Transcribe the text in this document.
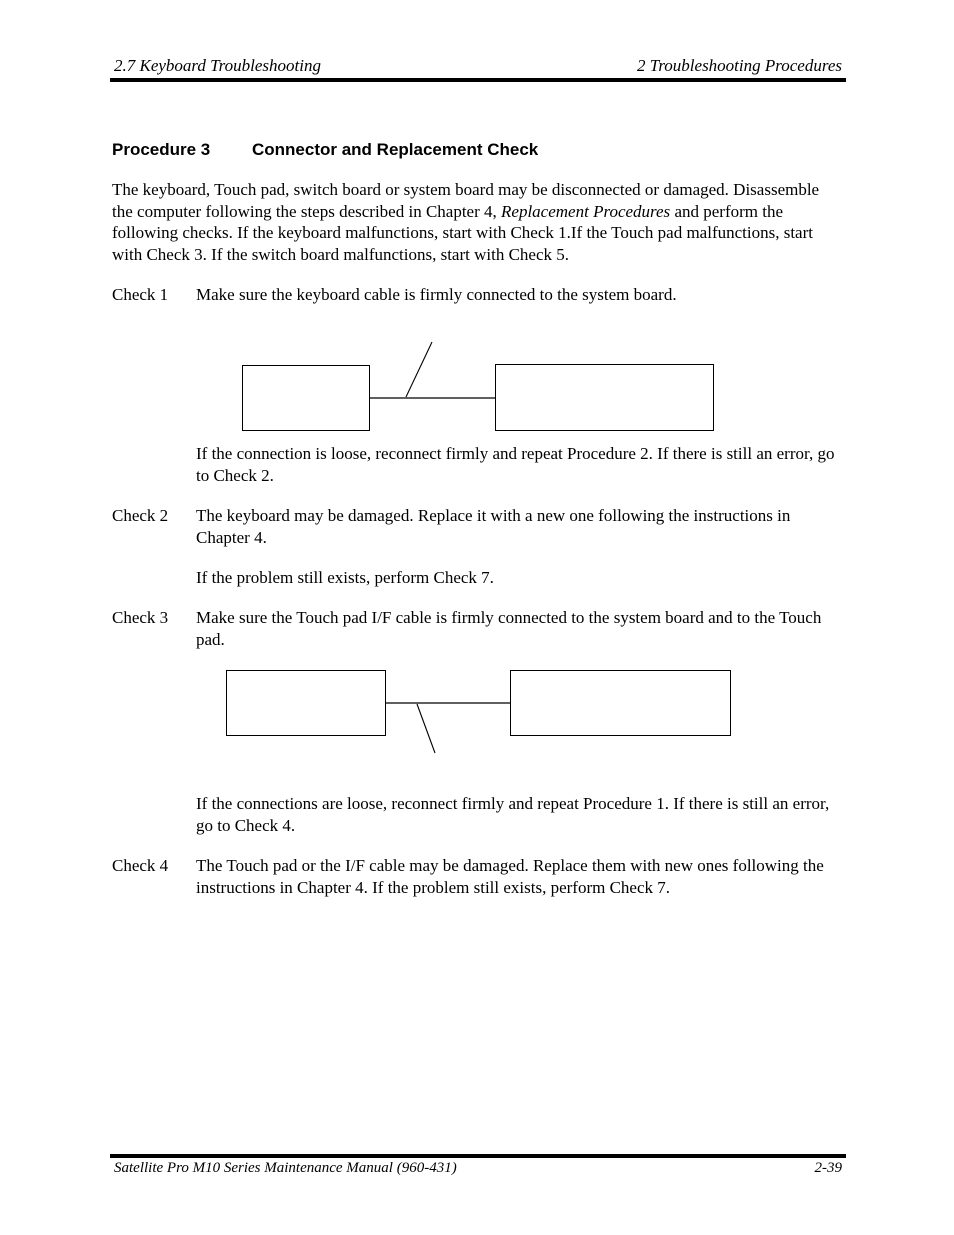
2.7 Keyboard Troubleshooting	2 Troubleshooting Procedures
Procedure 3 Connector and Replacement Check
The keyboard, Touch pad, switch board or system board may be disconnected or damaged. Disassemble the computer following the steps described in Chapter 4, Replacement Procedures and perform the following checks. If the keyboard malfunctions, start with Check 1.If the Touch pad malfunctions, start with Check 3. If the switch board malfunctions, start with Check 5.
Check 1 Make sure the keyboard cable is firmly connected to the system board.
If the connection is loose, reconnect firmly and repeat Procedure 2. If there is still an error, go to Check 2.
Check 2 The keyboard may be damaged. Replace it with a new one following the instructions in Chapter 4.
If the problem still exists, perform Check 7.
Check 3 Make sure the Touch pad I/F cable is firmly connected to the system board and to the Touch pad.
If the connections are loose, reconnect firmly and repeat Procedure 1. If there is still an error, go to Check 4.
Check 4 The Touch pad or the I/F cable may be damaged. Replace them with new ones following the instructions in Chapter 4. If the problem still exists, perform Check 7.
Satellite Pro M10 Series Maintenance Manual (960-431)	2-39
